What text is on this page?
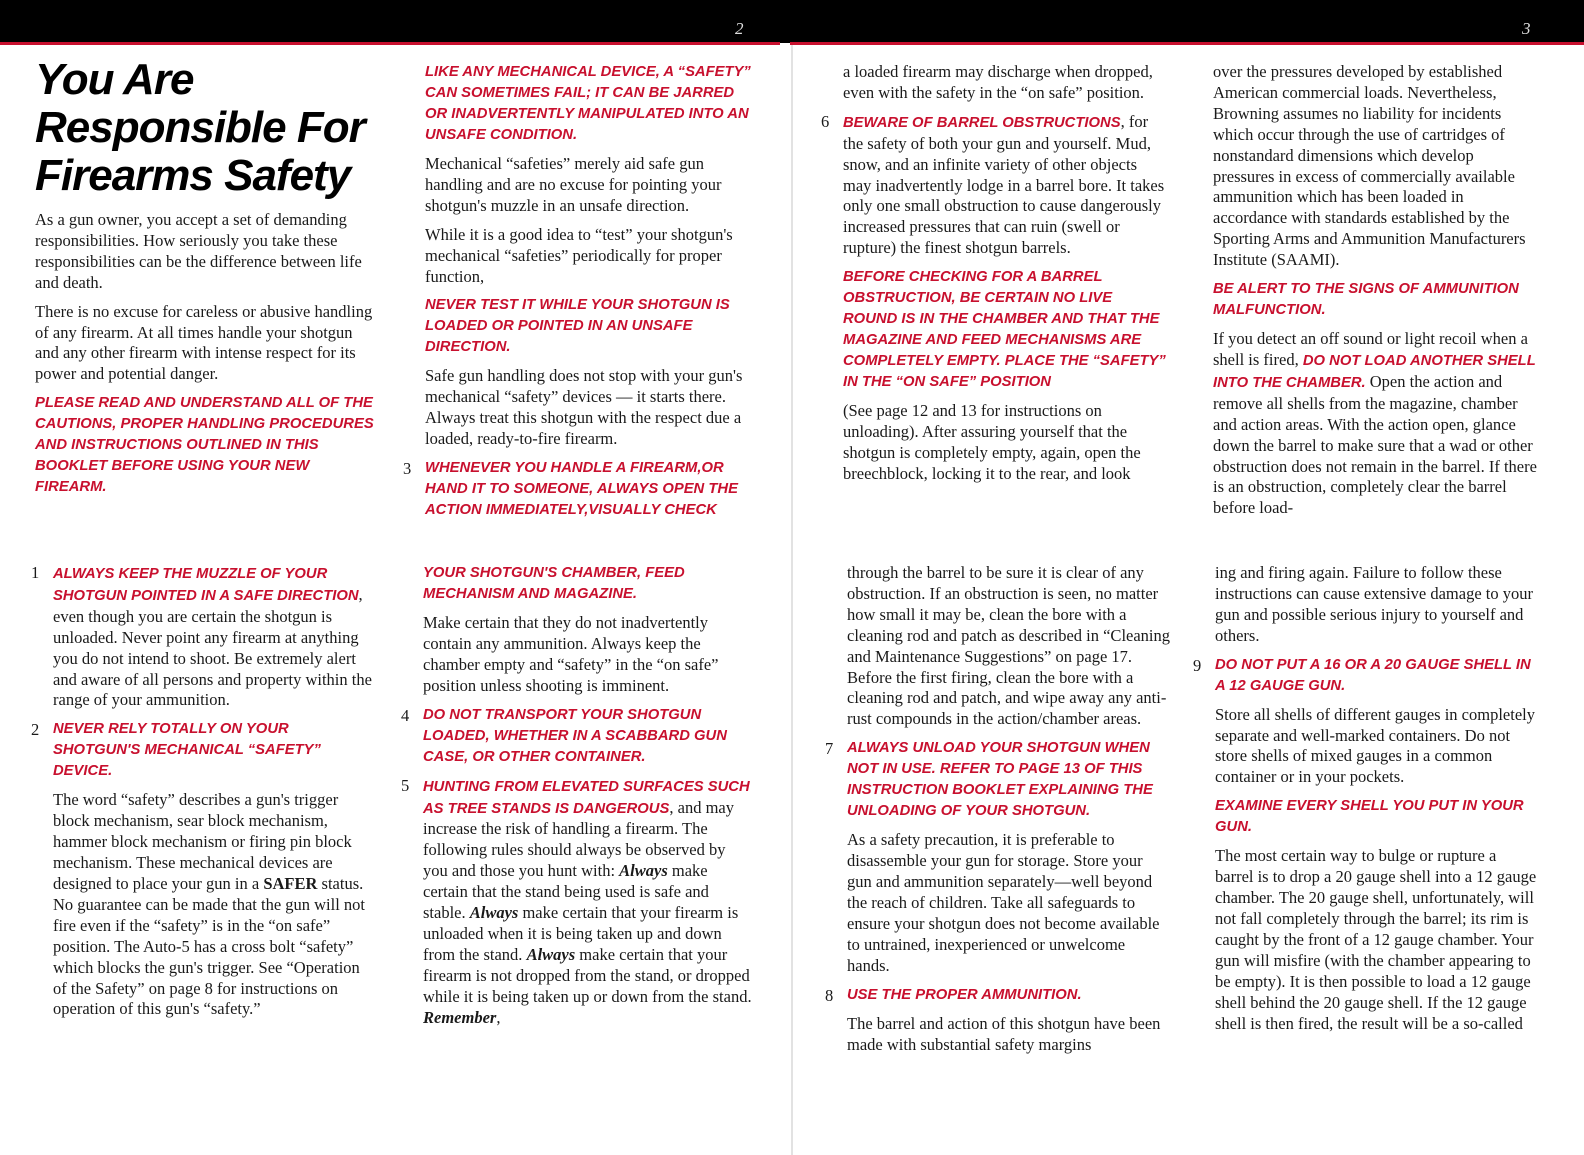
2	3
You Are Responsible For Firearms Safety

As a gun owner, you accept a set of demanding responsibilities. How seriously you take these responsibilities can be the difference between life and death.

There is no excuse for careless or abusive handling of any firearm. At all times handle your shotgun and any other firearm with intense respect for its power and potential danger.

PLEASE READ AND UNDERSTAND ALL OF THE CAUTIONS, PROPER HANDLING PROCEDURES AND INSTRUCTIONS OUTLINED IN THIS BOOKLET BEFORE USING YOUR NEW FIREARM.
LIKE ANY MECHANICAL DEVICE, A “SAFETY” CAN SOMETIMES FAIL; IT CAN BE JARRED OR INADVERTENTLY MANIPULATED INTO AN UNSAFE CONDITION.

Mechanical “safeties” merely aid safe gun handling and are no excuse for pointing your shotgun's muzzle in an unsafe direction.

While it is a good idea to “test” your shotgun's mechanical “safeties” periodically for proper function,

NEVER TEST IT WHILE YOUR SHOTGUN IS LOADED OR POINTED IN AN UNSAFE DIRECTION.

Safe gun handling does not stop with your gun's mechanical “safety” devices — it starts there. Always treat this shotgun with the respect due a loaded, ready-to-fire firearm.

3 WHENEVER YOU HANDLE A FIREARM,OR HAND IT TO SOMEONE, ALWAYS OPEN THE ACTION IMMEDIATELY,VISUALLY CHECK

a loaded firearm may discharge when dropped, even with the safety in the “on safe” position.

6 BEWARE OF BARREL OBSTRUCTIONS, for the safety of both your gun and yourself. Mud, snow, and an infinite variety of other objects may inadvertently lodge in a barrel bore. It takes only one small obstruction to cause dangerously increased pressures that can ruin (swell or rupture) the finest shotgun barrels.
BEFORE CHECKING FOR A BARREL OBSTRUCTION, BE CERTAIN NO LIVE ROUND IS IN THE CHAMBER AND THAT THE MAGAZINE AND FEED MECHANISMS ARE COMPLETELY EMPTY. PLACE THE “SAFETY” IN THE “ON SAFE” POSITION

(See page 12 and 13 for instructions on unloading). After assuring yourself that the shotgun is completely empty, again, open the breechblock, locking it to the rear, and look

over the pressures developed by established American commercial loads. Nevertheless, Browning assumes no liability for incidents which occur through the use of cartridges of nonstandard dimensions which develop pressures in excess of commercially available ammunition which has been loaded in accordance with standards established by the Sporting Arms and Ammunition Manufacturers Institute (SAAMI).

BE ALERT TO THE SIGNS OF AMMUNITION MALFUNCTION.

If you detect an off sound or light recoil when a shell is fired, DO NOT LOAD ANOTHER SHELL INTO THE CHAMBER. Open the action and remove all shells from the magazine, chamber and action areas. With the action open, glance down the barrel to make sure that a wad or other obstruction does not remain in the barrel. If there is an obstruction, completely clear the barrel before load-

1 ALWAYS KEEP THE MUZZLE OF YOUR SHOTGUN POINTED IN A SAFE DIRECTION, even though you are certain the shotgun is unloaded. Never point any firearm at anything you do not intend to shoot. Be extremely alert and aware of all persons and property within the range of your ammunition.
2 NEVER RELY TOTALLY ON YOUR SHOTGUN'S MECHANICAL “SAFETY” DEVICE.

The word “safety” describes a gun's trigger block mechanism, sear block mechanism, hammer block mechanism or firing pin block mechanism. These mechanical devices are designed to place your gun in a SAFER status. No guarantee can be made that the gun will not fire even if the “safety” is in the “on safe” position. The Auto-5 has a cross bolt “safety” which blocks the gun's trigger. See “Operation of the Safety” on page 8 for instructions on operation of this gun's “safety.”

YOUR SHOTGUN'S CHAMBER, FEED MECHANISM AND MAGAZINE.

Make certain that they do not inadvertently contain any ammunition. Always keep the chamber empty and “safety” in the “on safe” position unless shooting is imminent.

4 DO NOT TRANSPORT YOUR SHOTGUN LOADED, WHETHER IN A SCABBARD GUN CASE, OR OTHER CONTAINER.
5 HUNTING FROM ELEVATED SURFACES SUCH AS TREE STANDS IS DANGEROUS, and may increase the risk of handling a firearm. The following rules should always be observed by you and those you hunt with: Always make certain that the stand being used is safe and stable. Always make certain that your firearm is unloaded when it is being taken up and down from the stand. Always make certain that your firearm is not dropped from the stand, or dropped while it is being taken up or down from the stand. Remember,

through the barrel to be sure it is clear of any obstruction. If an obstruction is seen, no matter how small it may be, clean the bore with a cleaning rod and patch as described in “Cleaning and Maintenance Suggestions” on page 17. Before the first firing, clean the bore with a cleaning rod and patch, and wipe away any anti-rust compounds in the action/chamber areas.

7 ALWAYS UNLOAD YOUR SHOTGUN WHEN NOT IN USE. REFER TO PAGE 13 OF THIS INSTRUCTION BOOKLET EXPLAINING THE UNLOADING OF YOUR SHOTGUN.

As a safety precaution, it is preferable to disassemble your gun for storage. Store your gun and ammunition separately—well beyond the reach of children. Take all safeguards to ensure your shotgun does not become available to untrained, inexperienced or unwelcome hands.

8 USE THE PROPER AMMUNITION.

The barrel and action of this shotgun have been made with substantial safety margins

ing and firing again. Failure to follow these instructions can cause extensive damage to your gun and possible serious injury to yourself and others.

9 DO NOT PUT A 16 OR A 20 GAUGE SHELL IN A 12 GAUGE GUN.

Store all shells of different gauges in completely separate and well-marked containers. Do not store shells of mixed gauges in a common container or in your pockets.

EXAMINE EVERY SHELL YOU PUT IN YOUR GUN.

The most certain way to bulge or rupture a barrel is to drop a 20 gauge shell into a 12 gauge chamber. The 20 gauge shell, unfortunately, will not fall completely through the barrel; its rim is caught by the front of a 12 gauge chamber. Your gun will misfire (with the chamber appearing to be empty). It is then possible to load a 12 gauge shell behind the 20 gauge shell. If the 12 gauge shell is then fired, the result will be a so-called
